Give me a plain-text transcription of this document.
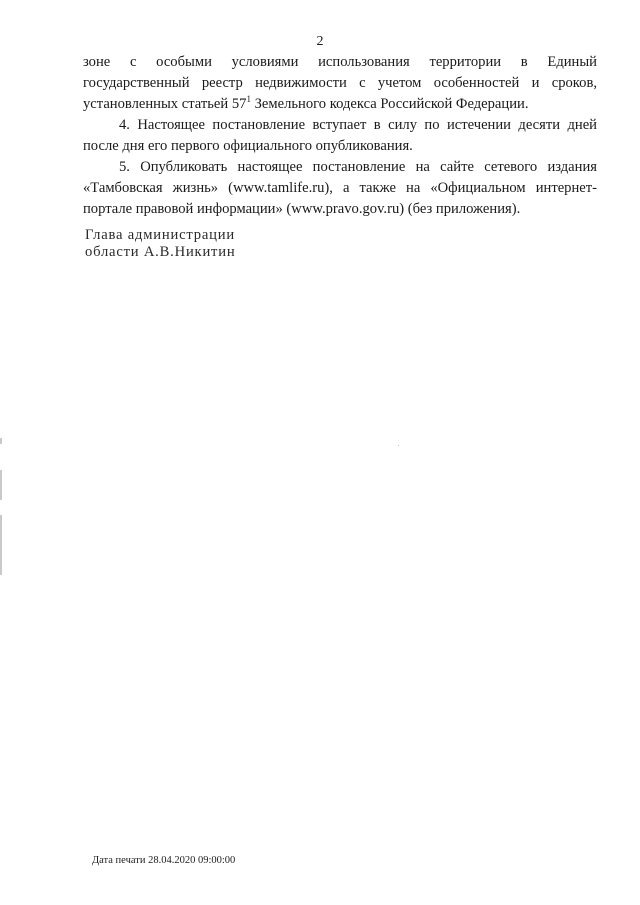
2

зоне с особыми условиями использования территории в Единый
государственный реестр недвижимости с учетом особенностей и сроков,
установленных статьей $57^1$ Земельного кодекса Российской Федерации.

4. Настоящее постановление вступает в силу по истечении десяти дней после дня его первого официального опубликования.

5. Опубликовать настоящее постановление на сайте сетевого издания
«Тамбовская жизнь» (www.tamlife.ru), а также на «Официальном интернет-
портале правовой информации» (www.pravo.gov.ru) (без приложения).

Глава администрации
области А.В.Никитин
Дата печати 28.04.2020 09:00:00
